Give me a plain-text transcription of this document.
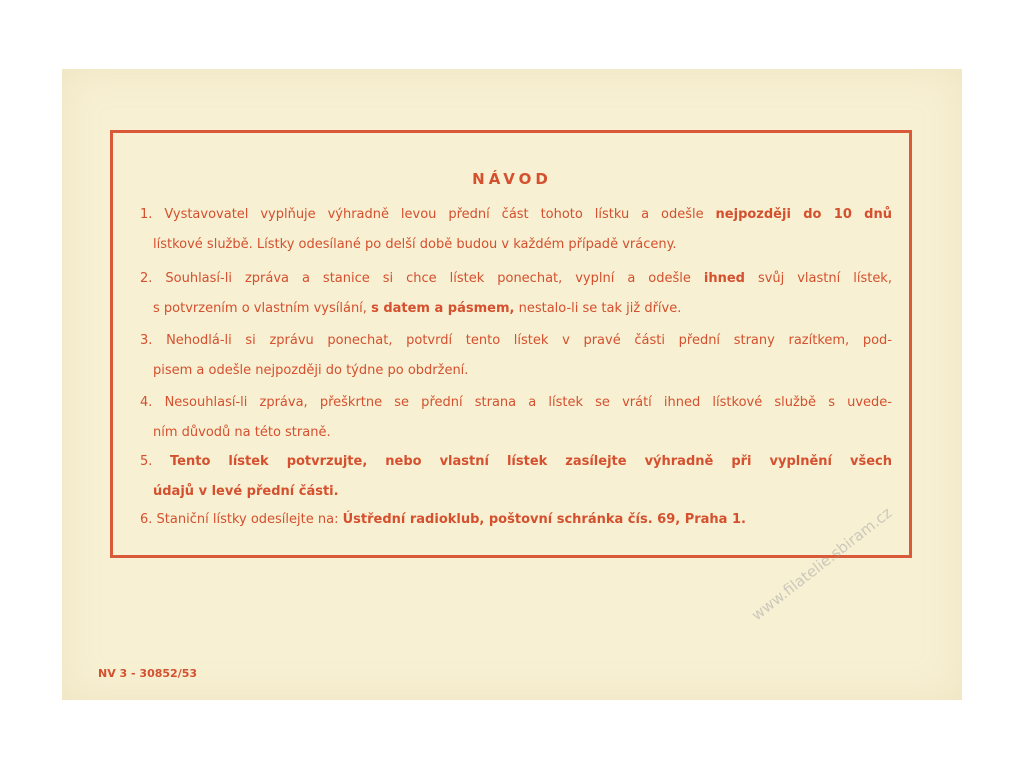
NÁVOD
1. Vystavovatel vyplňuje výhradně levou přední část tohoto lístku a odešle nejpozději do 10 dnů
lístkové službě. Lístky odesílané po delší době budou v každém případě vráceny.
2. Souhlasí-li zpráva a stanice si chce lístek ponechat, vyplní a odešle ihned svůj vlastní lístek,
s potvrzením o vlastním vysílání, s datem a pásmem, nestalo-li se tak již dříve.
3. Nehodlá-li si zprávu ponechat, potvrdí tento lístek v pravé části přední strany razítkem, pod-
pisem a odešle nejpozději do týdne po obdržení.
4. Nesouhlasí-li zpráva, přeškrtne se přední strana a lístek se vrátí ihned lístkové službě s uvede-
ním důvodů na této straně.
5. Tento lístek potvrzujte, nebo vlastní lístek zasílejte výhradně při vyplnění všech
údajů v levé přední části.
6. Staniční lístky odesílejte na: Ústřední radioklub, poštovní schránka čís. 69, Praha 1.
NV 3 - 30852/53
www.filatelie.sbiram.cz
